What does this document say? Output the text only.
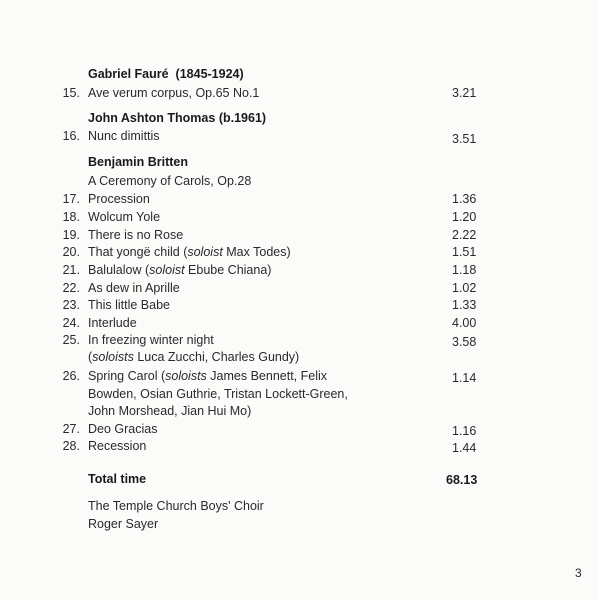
Gabriel Fauré (1845-1924)
15. Ave verum corpus, Op.65 No.1	3.21
John Ashton Thomas (b.1961)
16. Nunc dimittis	3.51
Benjamin Britten
A Ceremony of Carols, Op.28
17. Procession	1.36
18. Wolcum Yole	1.20
19. There is no Rose	2.22
20. That yongë child (soloist Max Todes)	1.51
21. Balulalow (soloist Ebube Chiana)	1.18
22. As dew in Aprille	1.02
23. This little Babe	1.33
24. Interlude	4.00
25. In freezing winter night	3.58
(soloists Luca Zucchi, Charles Gundy)
26. Spring Carol (soloists James Bennett, Felix	1.14
Bowden, Osian Guthrie, Tristan Lockett-Green,
John Morshead, Jian Hui Mo)
27. Deo Gracias	1.16
28. Recession	1.44
Total time	68.13
The Temple Church Boys' Choir
Roger Sayer
3
